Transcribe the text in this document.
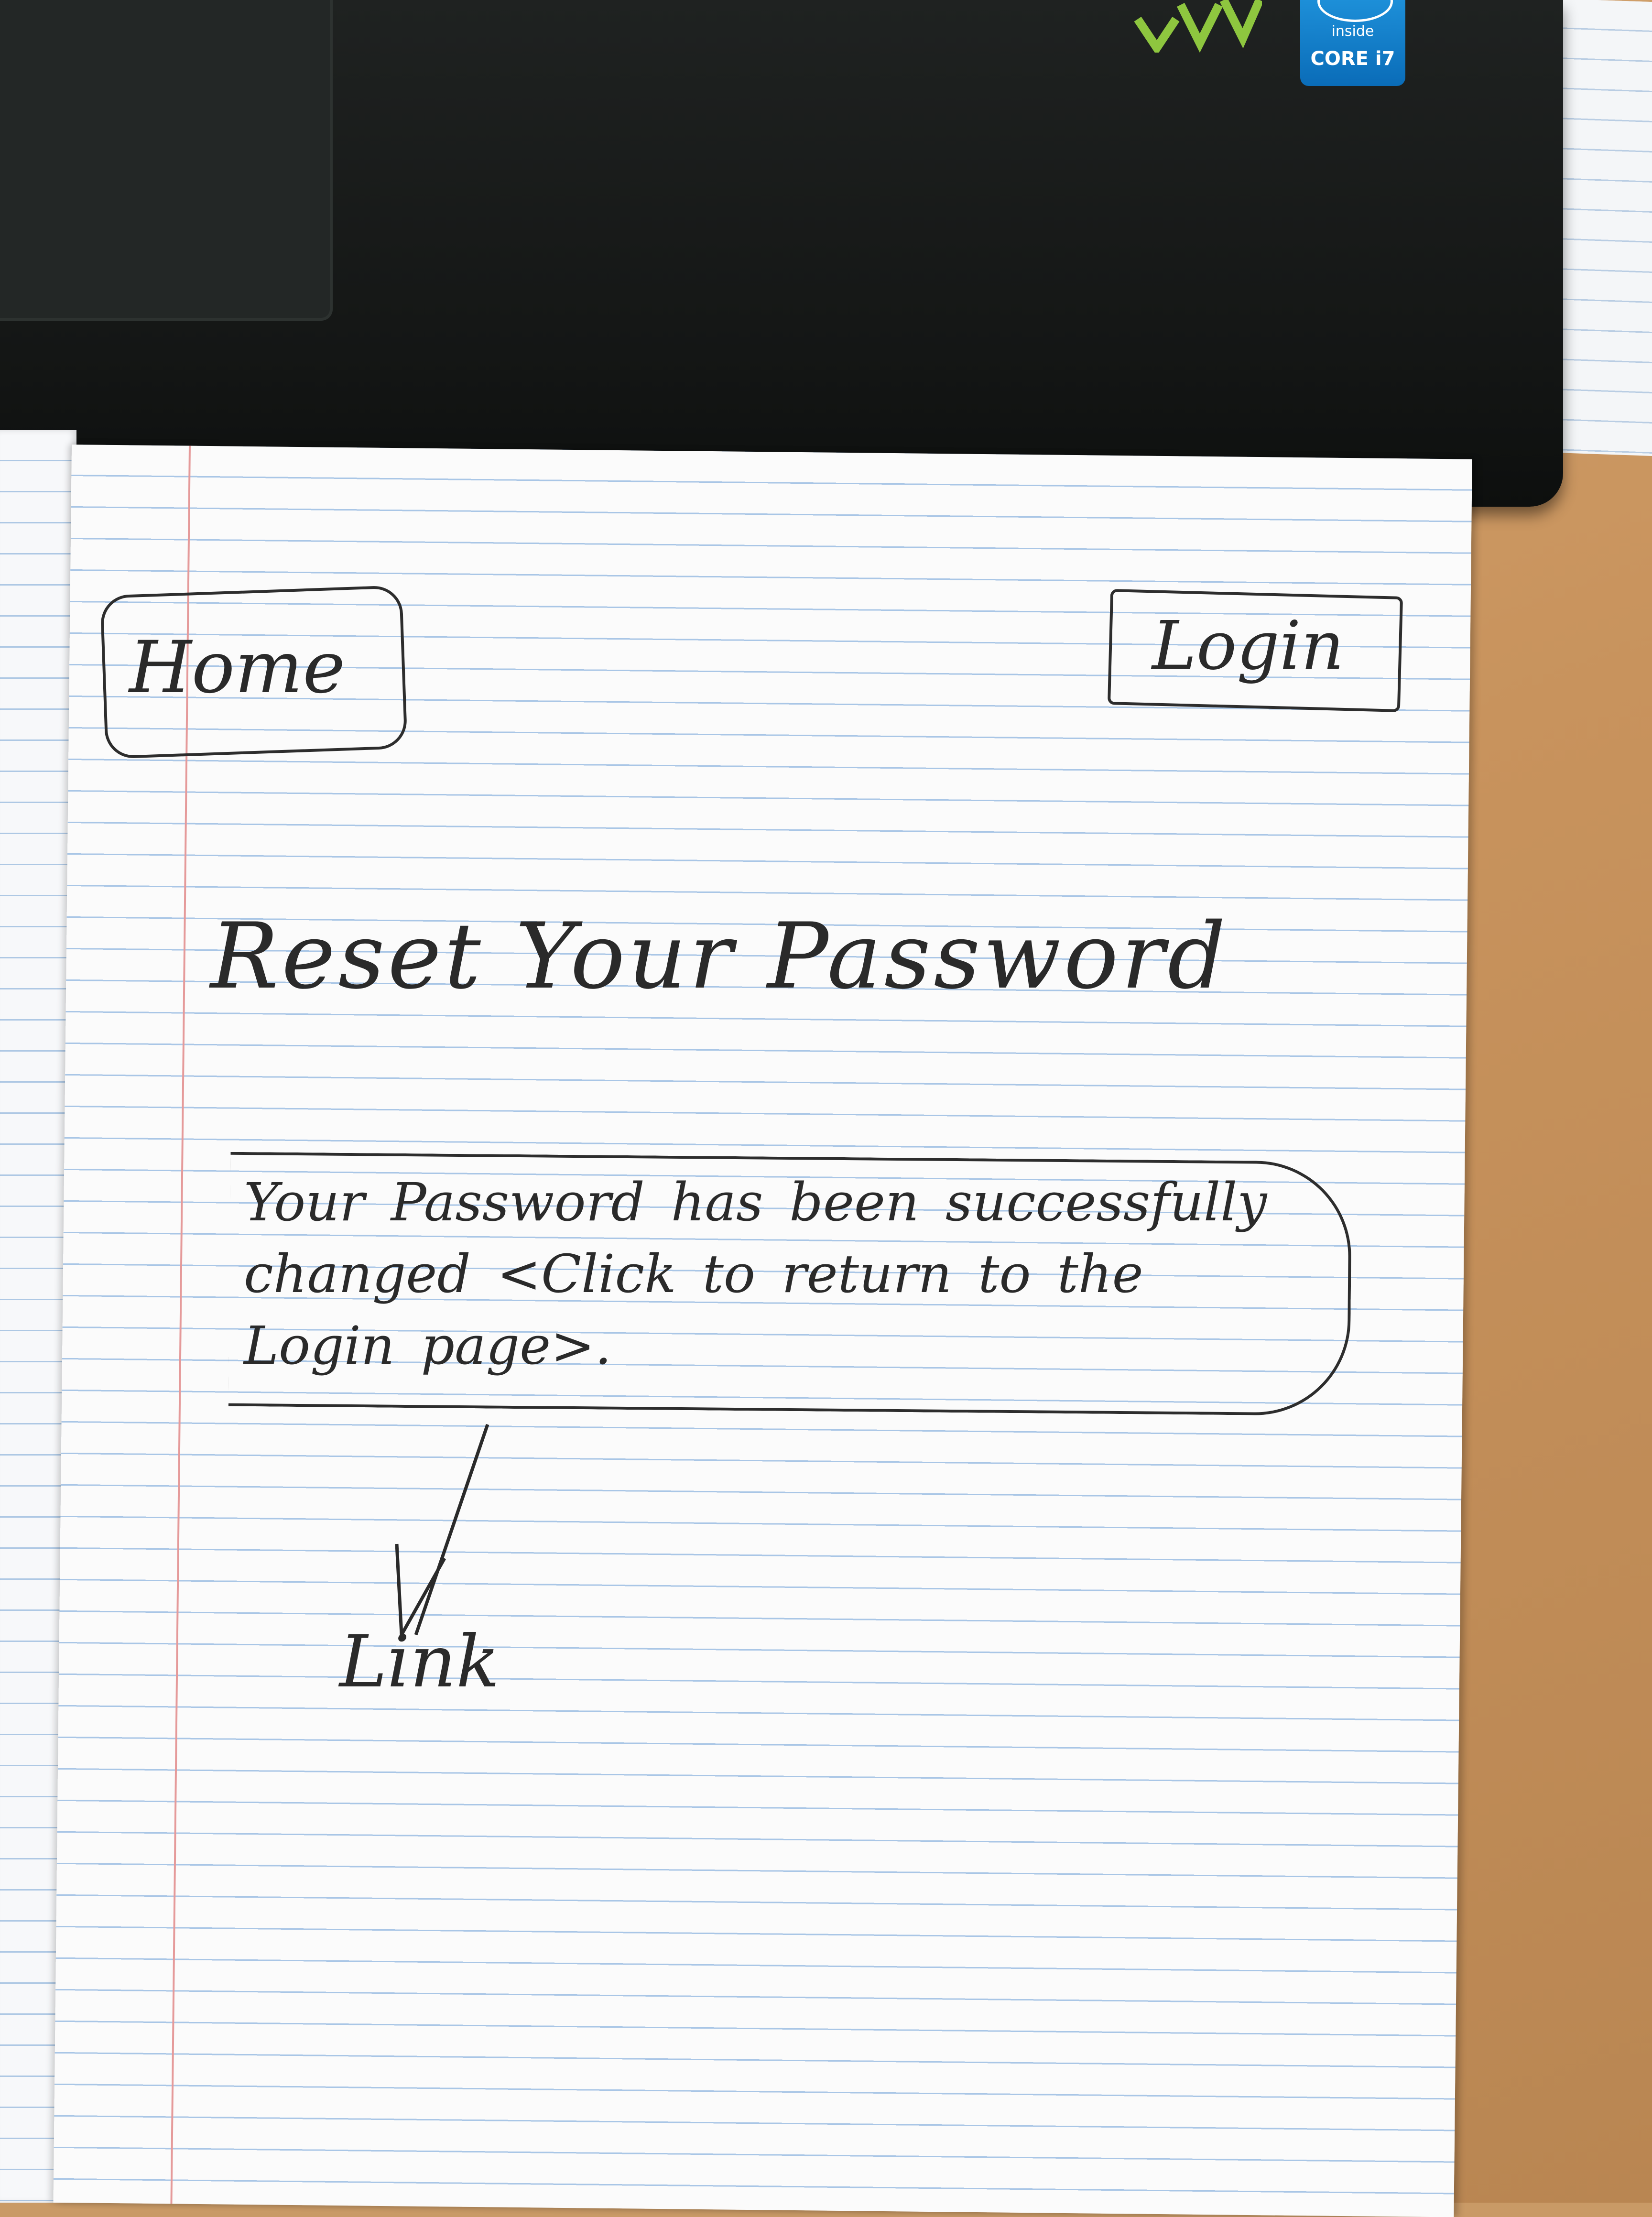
inside
CORE i7
Home	Login
Reset Your Password
Your Password has been successfully changed <Click to return to the Login page>.
Link
